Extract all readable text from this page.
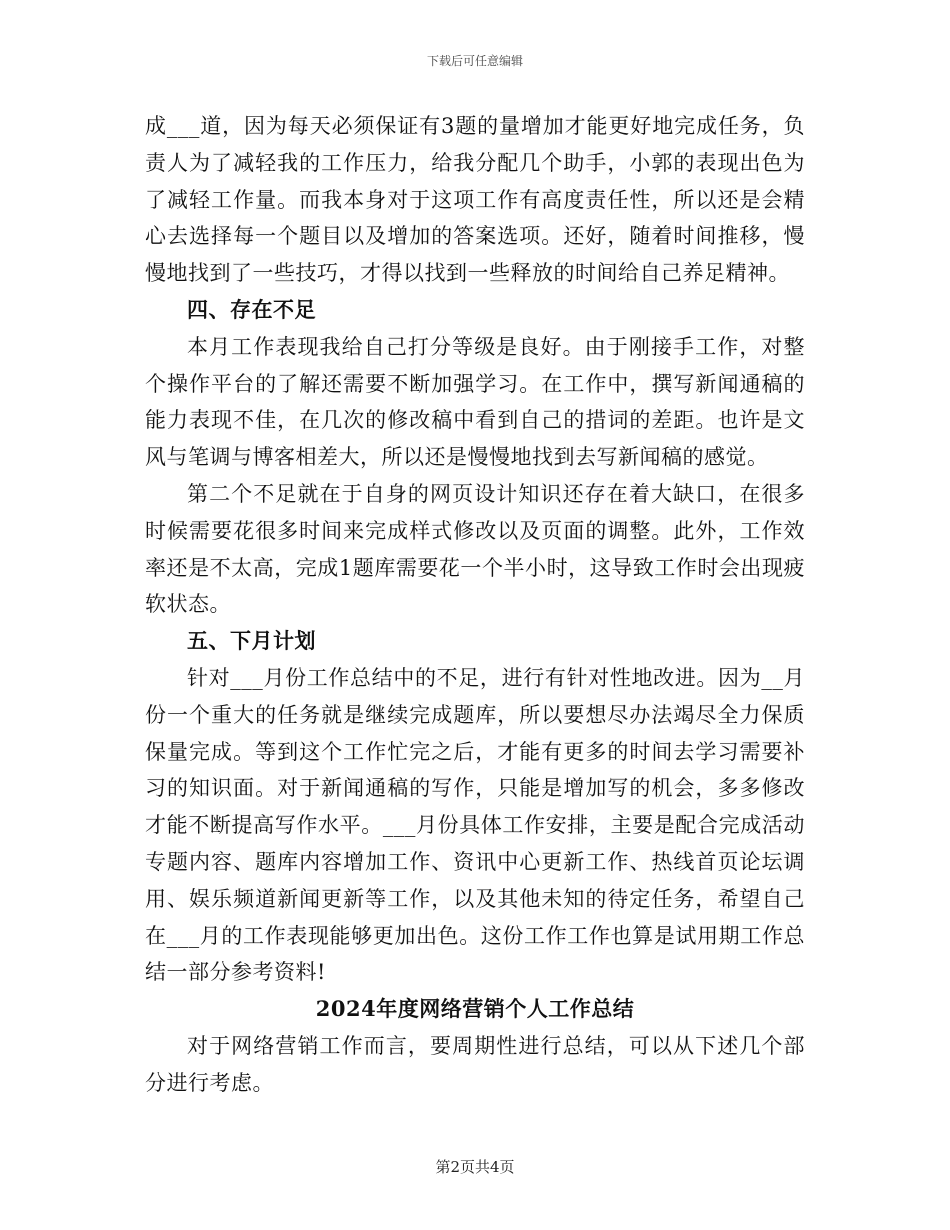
下载后可任意编辑

成___道，因为每天必须保证有3题的量增加才能更好地完成任务，负责人为了减轻我的工作压力，给我分配几个助手，小郭的表现出色为了减轻工作量。而我本身对于这项工作有高度责任性，所以还是会精心去选择每一个题目以及增加的答案选项。还好，随着时间推移，慢慢地找到了一些技巧，才得以找到一些释放的时间给自己养足精神。

四、存在不足

本月工作表现我给自己打分等级是良好。由于刚接手工作，对整个操作平台的了解还需要不断加强学习。在工作中，撰写新闻通稿的能力表现不佳，在几次的修改稿中看到自己的措词的差距。也许是文风与笔调与博客相差大，所以还是慢慢地找到去写新闻稿的感觉。

第二个不足就在于自身的网页设计知识还存在着大缺口，在很多时候需要花很多时间来完成样式修改以及页面的调整。此外，工作效率还是不太高，完成1题库需要花一个半小时，这导致工作时会出现疲软状态。

五、下月计划

针对___月份工作总结中的不足，进行有针对性地改进。因为__月份一个重大的任务就是继续完成题库，所以要想尽办法竭尽全力保质保量完成。等到这个工作忙完之后，才能有更多的时间去学习需要补习的知识面。对于新闻通稿的写作，只能是增加写的机会，多多修改才能不断提高写作水平。___月份具体工作安排，主要是配合完成活动专题内容、题库内容增加工作、资讯中心更新工作、热线首页论坛调用、娱乐频道新闻更新等工作，以及其他未知的待定任务，希望自己在___月的工作表现能够更加出色。这份工作工作也算是试用期工作总结一部分参考资料!

2024年度网络营销个人工作总结

对于网络营销工作而言，要周期性进行总结，可以从下述几个部分进行考虑。

第2页共4页
